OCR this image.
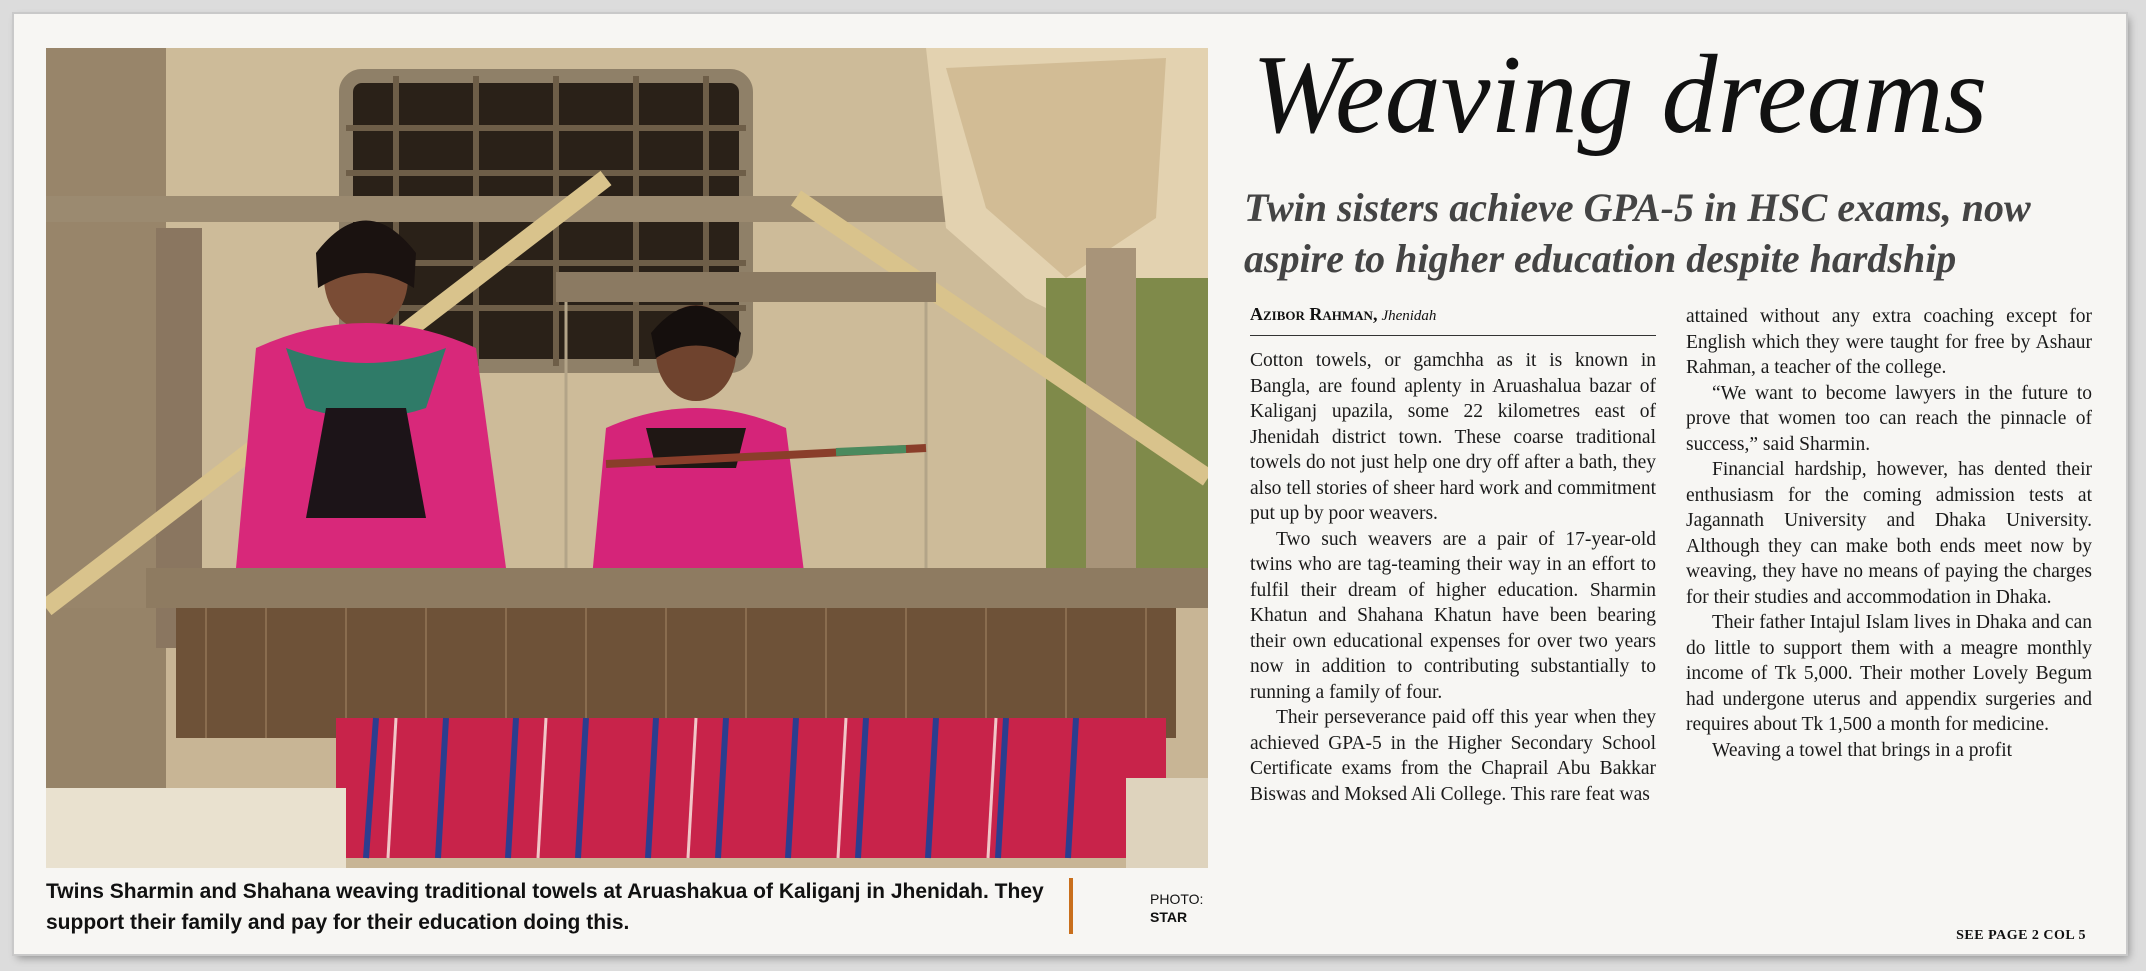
Twins Sharmin and Shahana weaving traditional towels at Aruashakua of Kaliganj in Jhenidah. They support their family and pay for their education doing this.
PHOTO:
STAR
Weaving dreams
Twin sisters achieve GPA-5 in HSC exams, now aspire to higher education despite hardship
Azibor Rahman, Jhenidah

Cotton towels, or gamchha as it is known in Bangla, are found aplenty in Aruashalua bazar of Kaliganj upazila, some 22 kilometres east of Jhenidah district town. These coarse traditional towels do not just help one dry off after a bath, they also tell stories of sheer hard work and commitment put up by poor weavers.

Two such weavers are a pair of 17-year-old twins who are tag-teaming their way in an effort to fulfil their dream of higher education. Sharmin Khatun and Shahana Khatun have been bearing their own educational expenses for over two years now in addition to contributing substantially to running a family of four.

Their perseverance paid off this year when they achieved GPA-5 in the Higher Secondary School Certificate exams from the Chaprail Abu Bakkar Biswas and Moksed Ali College. This rare feat was

attained without any extra coaching except for English which they were taught for free by Ashaur Rahman, a teacher of the college.

“We want to become lawyers in the future to prove that women too can reach the pinnacle of success,” said Sharmin.

Financial hardship, however, has dented their enthusiasm for the coming admission tests at Jagannath University and Dhaka University. Although they can make both ends meet now by weaving, they have no means of paying the charges for their studies and accommodation in Dhaka.

Their father Intajul Islam lives in Dhaka and can do little to support them with a meagre monthly income of Tk 5,000. Their mother Lovely Begum had undergone uterus and appendix surgeries and requires about Tk 1,500 a month for medicine.

Weaving a towel that brings in a profit

SEE PAGE 2 COL 5
